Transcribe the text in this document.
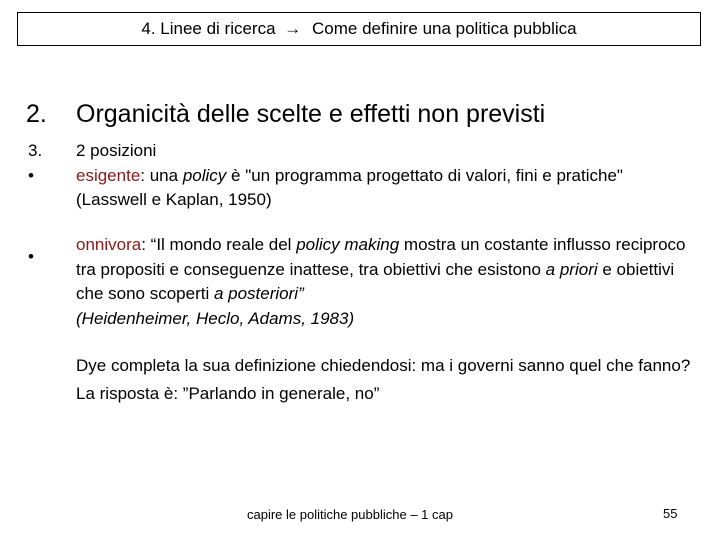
4. Linee di ricerca → Come definire una politica pubblica
2. Organicità delle scelte e effetti non previsti
3.	2 posizioni
•	esigente: una policy è "un programma progettato di valori, fini e pratiche" (Lasswell e Kaplan, 1950)
•
onnivora: “Il mondo reale del policy making mostra un costante influsso reciproco tra propositi e conseguenze inattese, tra obiettivi che esistono a priori e obiettivi che sono scoperti a posteriori”
(Heidenheimer, Heclo, Adams, 1983)
Dye completa la sua definizione chiedendosi: ma i governi sanno quel che fanno? La risposta è: ”Parlando in generale, no”
capire le politiche pubbliche – 1 cap	55
